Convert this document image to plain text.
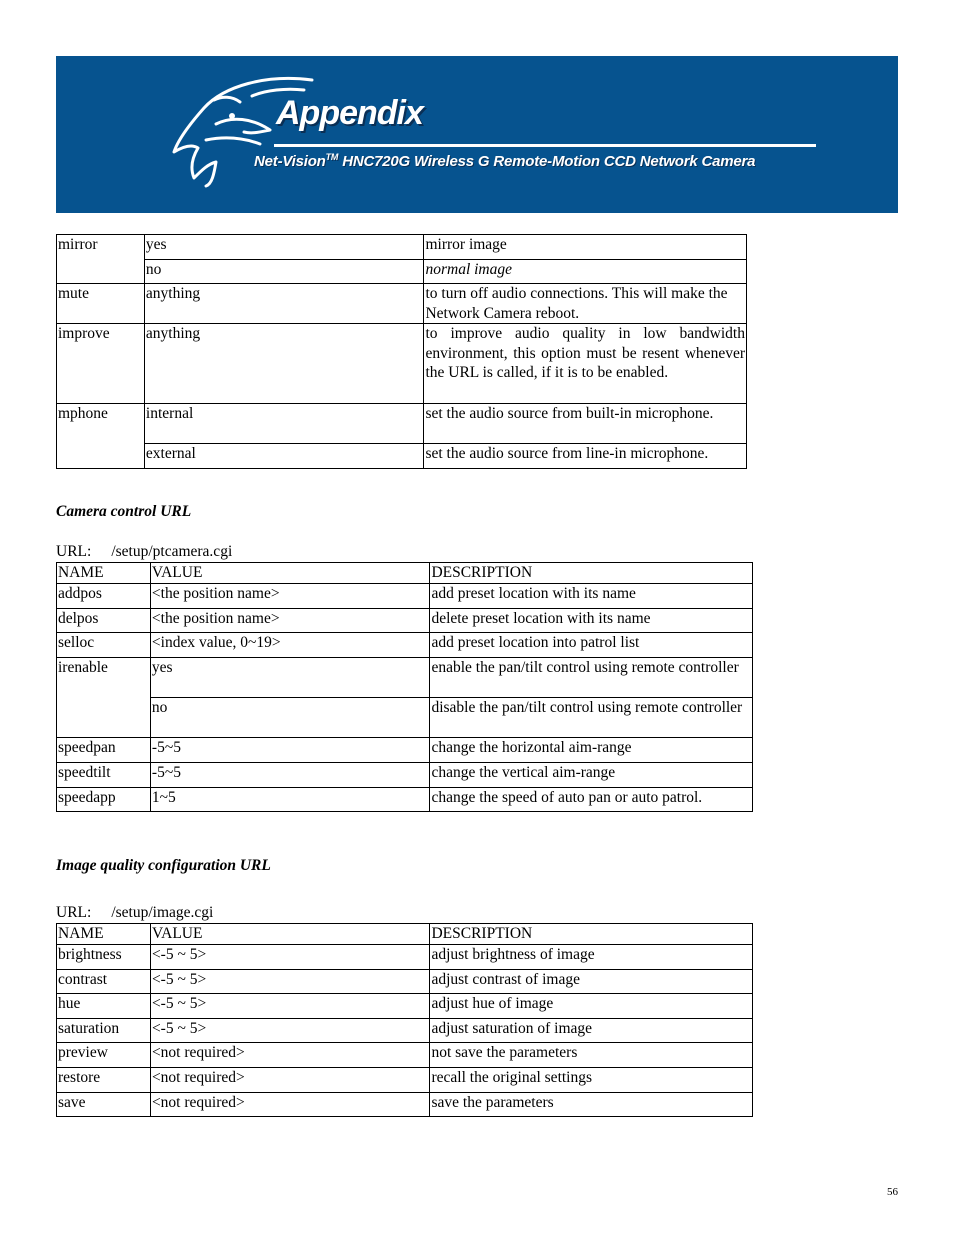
Appendix
Net-Vision™ HNC720G Wireless G Remote-Motion CCD Network Camera
mirror	yes	mirror image
	no	normal image
mute	anything	to turn off audio connections. This will make the Network Camera reboot.
improve	anything	to improve audio quality in low bandwidth environment, this option must be resent whenever the URL is called, if it is to be enabled.
mphone	internal	set the audio source from built-in microphone.
	external	set the audio source from line-in microphone.
Camera control URL
URL: /setup/ptcamera.cgi
NAME	VALUE	DESCRIPTION
addpos	<the position name>	add preset location with its name
delpos	<the position name>	delete preset location with its name
selloc	<index value, 0~19>	add preset location into patrol list
irenable	yes	enable the pan/tilt control using remote controller
	no	disable the pan/tilt control using remote controller
speedpan	-5~5	change the horizontal aim-range
speedtilt	-5~5	change the vertical aim-range
speedapp	1~5	change the speed of auto pan or auto patrol.
Image quality configuration URL
URL: /setup/image.cgi
NAME	VALUE	DESCRIPTION
brightness	<-5 ~ 5>	adjust brightness of image
contrast	<-5 ~ 5>	adjust contrast of image
hue	<-5 ~ 5>	adjust hue of image
saturation	<-5 ~ 5>	adjust saturation of image
preview	<not required>	not save the parameters
restore	<not required>	recall the original settings
save	<not required>	save the parameters
56
